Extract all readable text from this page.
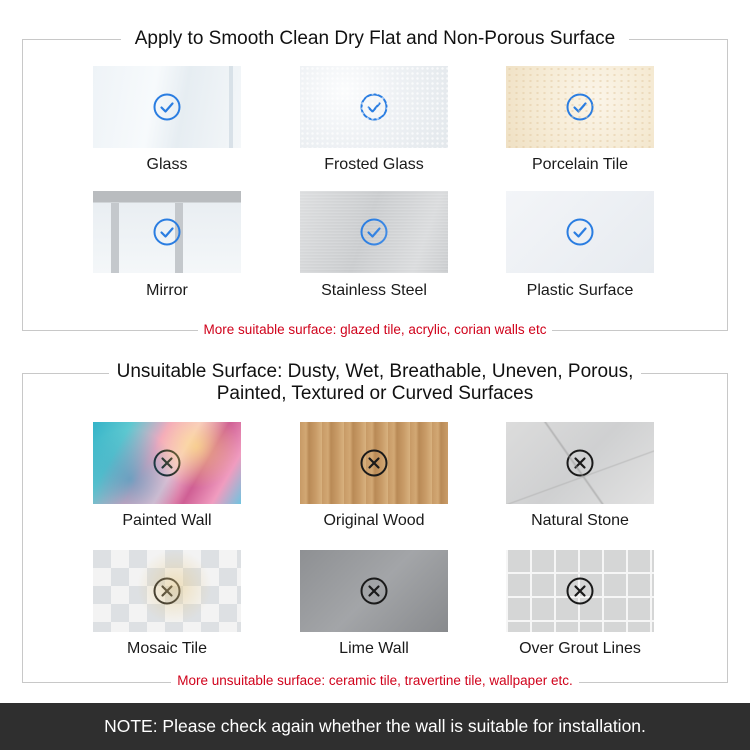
Apply to Smooth Clean Dry Flat and Non-Porous Surface
Glass	Frosted Glass	Porcelain Tile
Mirror	Stainless Steel	Plastic Surface
More suitable surface: glazed tile, acrylic, corian walls etc
Unsuitable Surface: Dusty, Wet, Breathable, Uneven, Porous,
Painted, Textured or Curved Surfaces
Painted Wall	Original Wood	Natural Stone
Mosaic Tile	Lime Wall	Over Grout Lines
More unsuitable surface: ceramic tile, travertine tile, wallpaper etc.
NOTE: Please check again whether the wall is suitable for installation.
